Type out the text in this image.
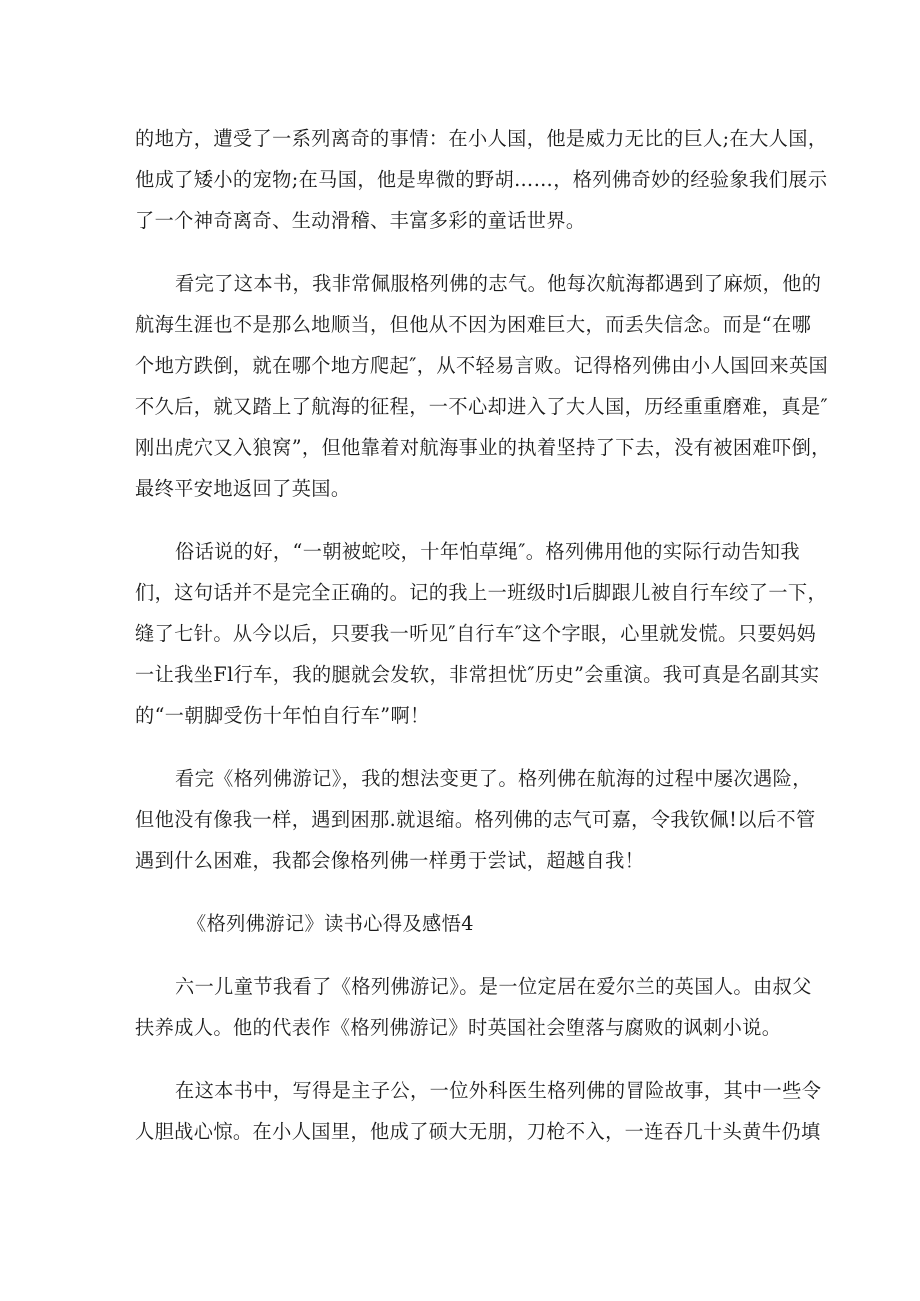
的地方，遭受了一系列离奇的事情：在小人国，他是威力无比的巨人;在大人国，
他成了矮小的宠物;在马国，他是卑微的野胡……，格列佛奇妙的经验象我们展示
了一个神奇离奇、生动滑稽、丰富多彩的童话世界。

看完了这本书，我非常佩服格列佛的志气。他每次航海都遇到了麻烦，他的
航海生涯也不是那么地顺当，但他从不因为困难巨大，而丢失信念。而是“在哪
个地方跌倒，就在哪个地方爬起″，从不轻易言败。记得格列佛由小人国回来英国
不久后，就又踏上了航海的征程，一不心却进入了大人国，历经重重磨难，真是″
刚出虎穴又入狼窝”，但他靠着对航海事业的执着坚持了下去，没有被困难吓倒，
最终平安地返回了英国。

俗话说的好，“一朝被蛇咬，十年怕草绳″。格列佛用他的实际行动告知我
们，这句话并不是完全正确的。记的我上一班级时l后脚跟儿被自行车绞了一下，
缝了七针。从今以后，只要我一听见″自行车″这个字眼，心里就发慌。只要妈妈
一让我坐Fl行车，我的腿就会发软，非常担忧″历史”会重演。我可真是名副其实
的“一朝脚受伤十年怕自行车”啊！

看完《格列佛游记》，我的想法变更了。格列佛在航海的过程中屡次遇险，
但他没有像我一样，遇到困那.就退缩。格列佛的志气可嘉，令我钦佩!以后不管
遇到什么困难，我都会像格列佛一样勇于尝试，超越自我！

《格列佛游记》读书心得及感悟4

六一儿童节我看了《格列佛游记》。是一位定居在爱尔兰的英国人。由叔父
扶养成人。他的代表作《格列佛游记》时英国社会堕落与腐败的讽刺小说。

在这本书中，写得是主子公，一位外科医生格列佛的冒险故事，其中一些令
人胆战心惊。在小人国里，他成了硕大无朋，刀枪不入，一连吞几十头黄牛仍填
